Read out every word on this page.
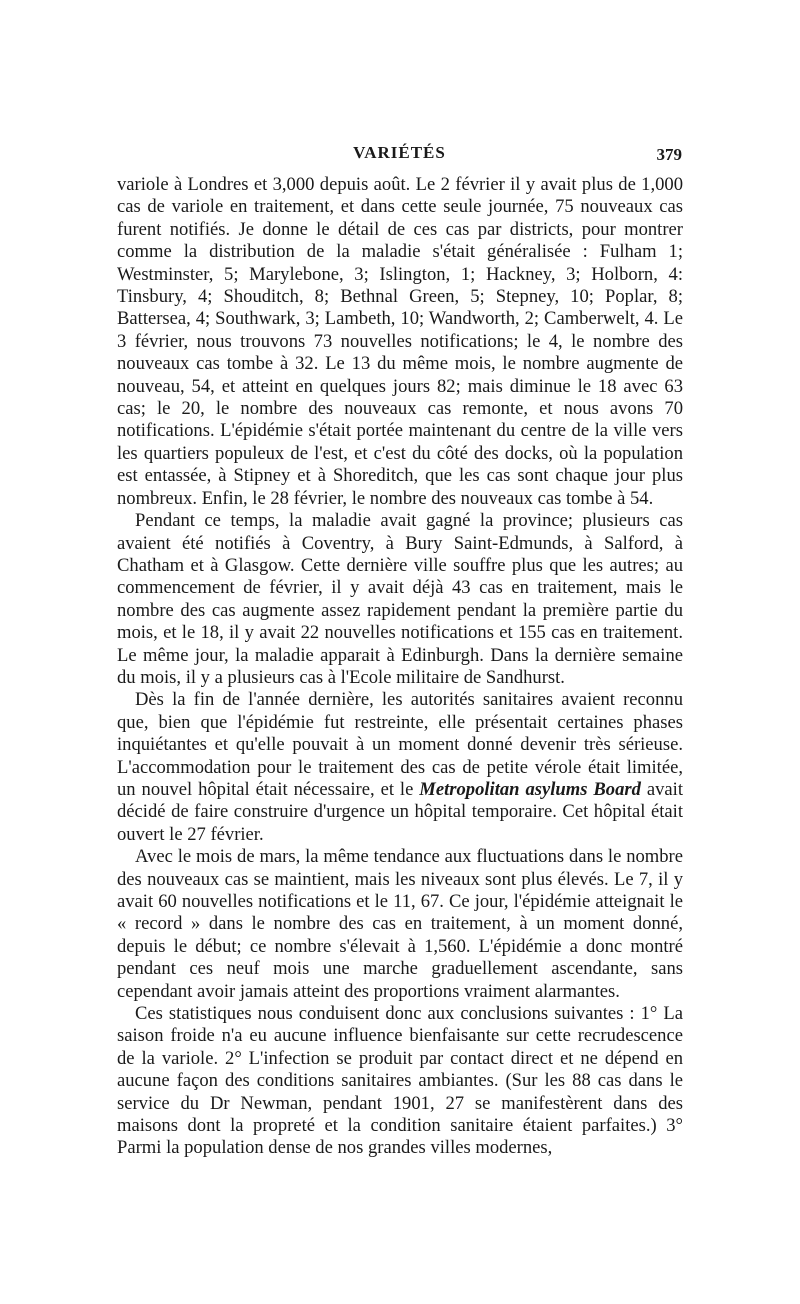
VARIÉTÉS	379

variole à Londres et 3,000 depuis août. Le 2 février il y avait plus de 1,000 cas de variole en traitement, et dans cette seule journée, 75 nouveaux cas furent notifiés. Je donne le détail de ces cas par districts, pour montrer comme la distribution de la maladie s'était généralisée : Fulham 1; Westminster, 5; Marylebone, 3; Islington, 1; Hackney, 3; Holborn, 4: Tinsbury, 4; Shouditch, 8; Bethnal Green, 5; Stepney, 10; Poplar, 8; Battersea, 4; Southwark, 3; Lambeth, 10; Wandworth, 2; Camberwelt, 4. Le 3 février, nous trouvons 73 nouvelles notifications; le 4, le nombre des nouveaux cas tombe à 32. Le 13 du même mois, le nombre augmente de nouveau, 54, et atteint en quelques jours 82; mais diminue le 18 avec 63 cas; le 20, le nombre des nouveaux cas remonte, et nous avons 70 notifications. L'épidémie s'était portée maintenant du centre de la ville vers les quartiers populeux de l'est, et c'est du côté des docks, où la population est entassée, à Stipney et à Shoreditch, que les cas sont chaque jour plus nombreux. Enfin, le 28 février, le nombre des nouveaux cas tombe à 54.

Pendant ce temps, la maladie avait gagné la province; plusieurs cas avaient été notifiés à Coventry, à Bury Saint-Edmunds, à Salford, à Chatham et à Glasgow. Cette dernière ville souffre plus que les autres; au commencement de février, il y avait déjà 43 cas en traitement, mais le nombre des cas augmente assez rapidement pendant la première partie du mois, et le 18, il y avait 22 nouvelles notifications et 155 cas en traitement. Le même jour, la maladie apparait à Edinburgh. Dans la dernière semaine du mois, il y a plusieurs cas à l'Ecole militaire de Sandhurst.

Dès la fin de l'année dernière, les autorités sanitaires avaient reconnu que, bien que l'épidémie fut restreinte, elle présentait certaines phases inquiétantes et qu'elle pouvait à un moment donné devenir très sérieuse. L'accommodation pour le traitement des cas de petite vérole était limitée, un nouvel hôpital était nécessaire, et le Metropolitan asylums Board avait décidé de faire construire d'urgence un hôpital temporaire. Cet hôpital était ouvert le 27 février.

Avec le mois de mars, la même tendance aux fluctuations dans le nombre des nouveaux cas se maintient, mais les niveaux sont plus élevés. Le 7, il y avait 60 nouvelles notifications et le 11, 67. Ce jour, l'épidémie atteignait le « record » dans le nombre des cas en traitement, à un moment donné, depuis le début; ce nombre s'élevait à 1,560. L'épidémie a donc montré pendant ces neuf mois une marche graduellement ascendante, sans cependant avoir jamais atteint des proportions vraiment alarmantes.

Ces statistiques nous conduisent donc aux conclusions suivantes : 1° La saison froide n'a eu aucune influence bienfaisante sur cette recrudescence de la variole. 2° L'infection se produit par contact direct et ne dépend en aucune façon des conditions sanitaires ambiantes. (Sur les 88 cas dans le service du Dr Newman, pendant 1901, 27 se manifestèrent dans des maisons dont la propreté et la condition sanitaire étaient parfaites.) 3° Parmi la population dense de nos grandes villes modernes,
